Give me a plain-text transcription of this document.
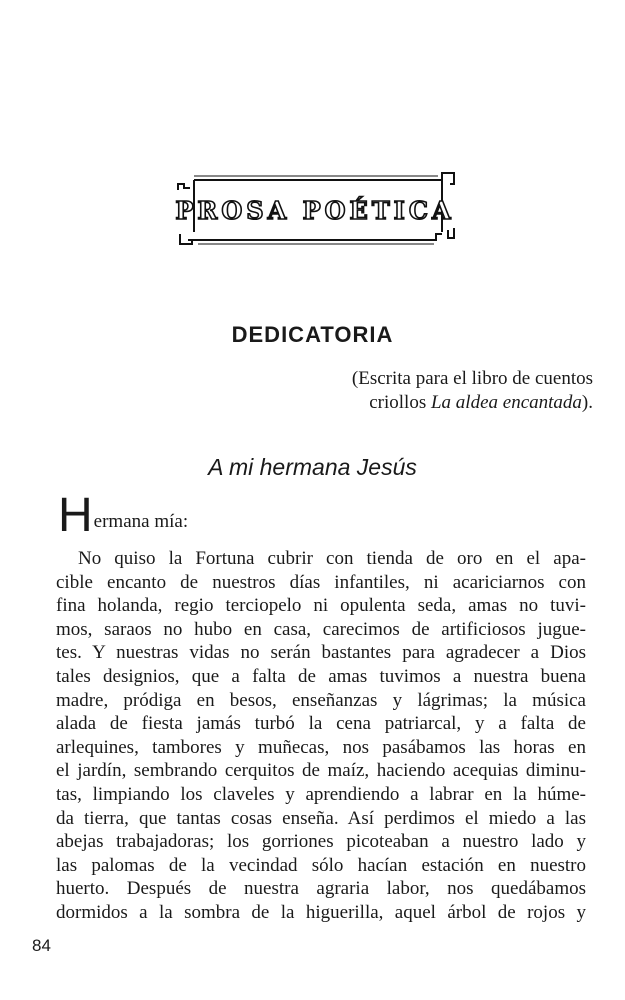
PROSA POÉTICA
DEDICATORIA
(Escrita para el libro de cuentos
criollos La aldea encantada).
A mi hermana Jesús
Hermana mía:
No quiso la Fortuna cubrir con tienda de oro en el apa-
cible encanto de nuestros días infantiles, ni acariciarnos con
fina holanda, regio terciopelo ni opulenta seda, amas no tuvi-
mos, saraos no hubo en casa, carecimos de artificiosos juguе-
tes. Y nuestras vidas no serán bastantes para agradecer a Dios
tales designios, que a falta de amas tuvimos a nuestra buena
madre, pródiga en besos, enseñanzas y lágrimas; la música
alada de fiesta jamás turbó la cena patriarcal, y a falta de
arlequines, tambores y muñecas, nos pasábamos las horas en
el jardín, sembrando cerquitos de maíz, haciendo acequias diminu-
tas, limpiando los claveles y aprendiendo a labrar en la húme-
da tierra, que tantas cosas enseña. Así perdimos el miedo a las
abejas trabajadoras; los gorriones picoteaban a nuestro lado y
las palomas de la vecindad sólo hacían estación en nuestro
huerto. Después de nuestra agraria labor, nos quedábamos
dormidos a la sombra de la higuerilla, aquel árbol de rojos y
84
